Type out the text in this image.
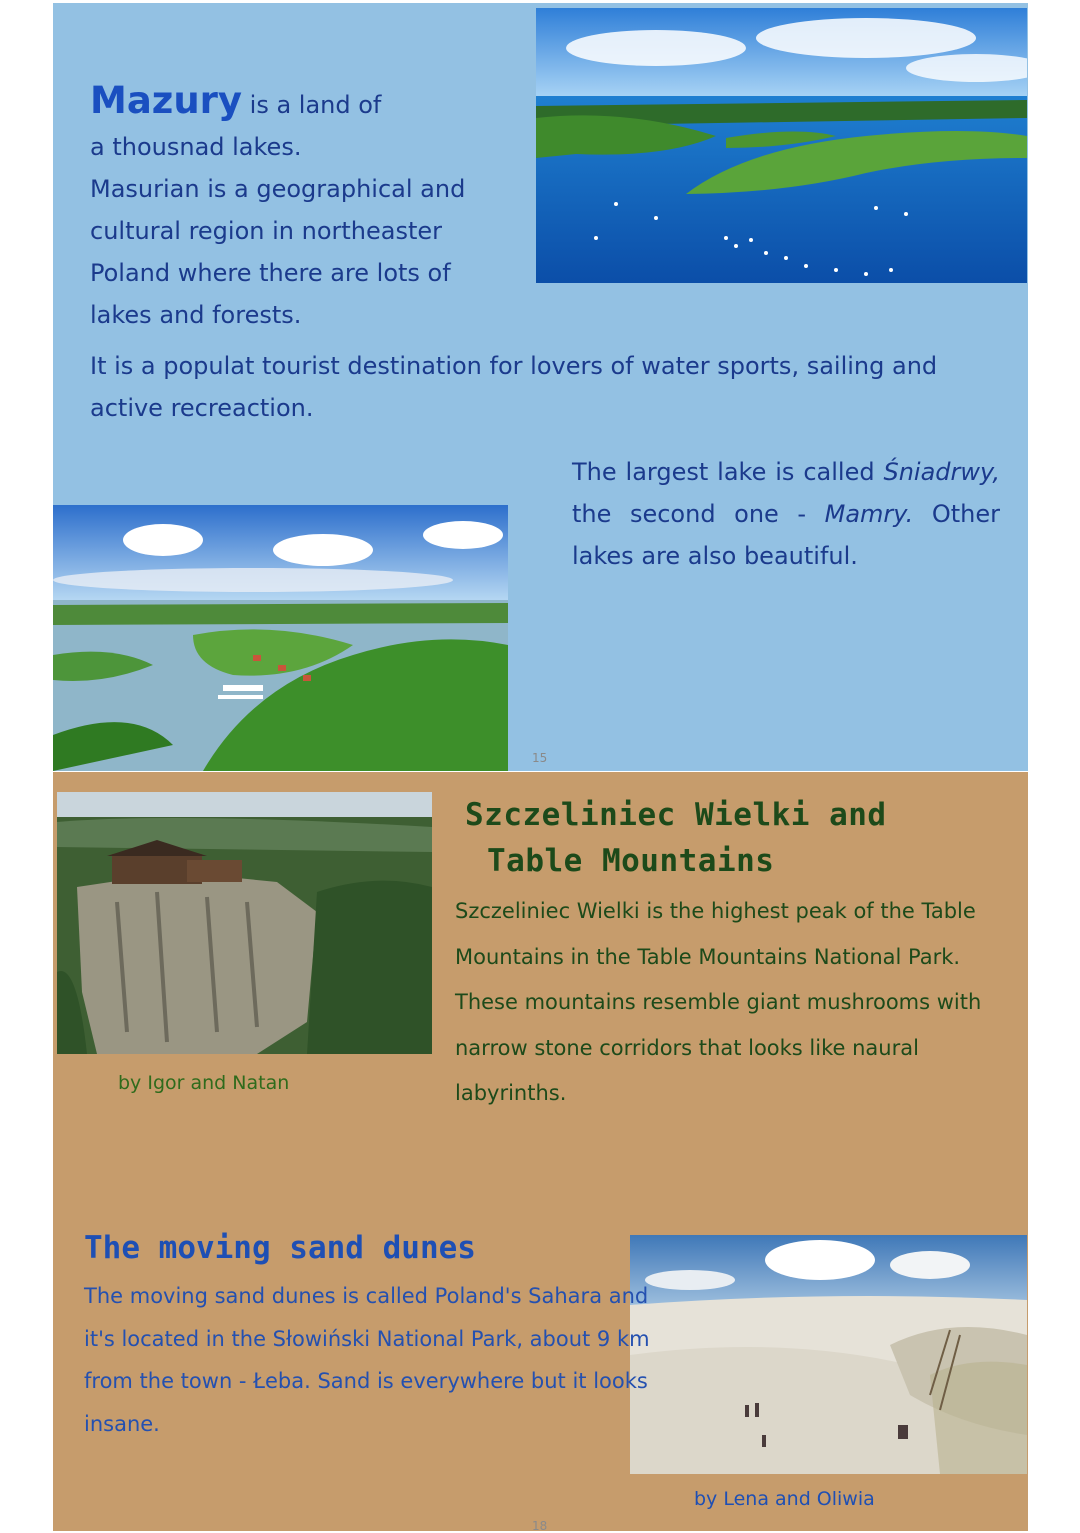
Mazury is a land of
a thousnad lakes.
Masurian is a geographical and
cultural region in northeaster
Poland where there are lots of
lakes and forests.
It is a populat tourist destination for lovers of water sports, sailing and active recreaction.
The largest lake is called Śniadrwy, the second one - Mamry. Other lakes are also beautiful.
15
Szczeliniec Wielki and
Table Mountains
Szczeliniec Wielki is the highest peak of the Table Mountains in the Table Mountains National Park. These mountains resemble giant mushrooms with narrow stone corridors that looks like naural labyrinths.
by Igor and Natan
The moving sand dunes
The moving sand dunes is called Poland's Sahara and it's located in the Słowiński National Park, about 9 km from the town - Łeba. Sand is everywhere but it looks insane.
by Lena and Oliwia
18
